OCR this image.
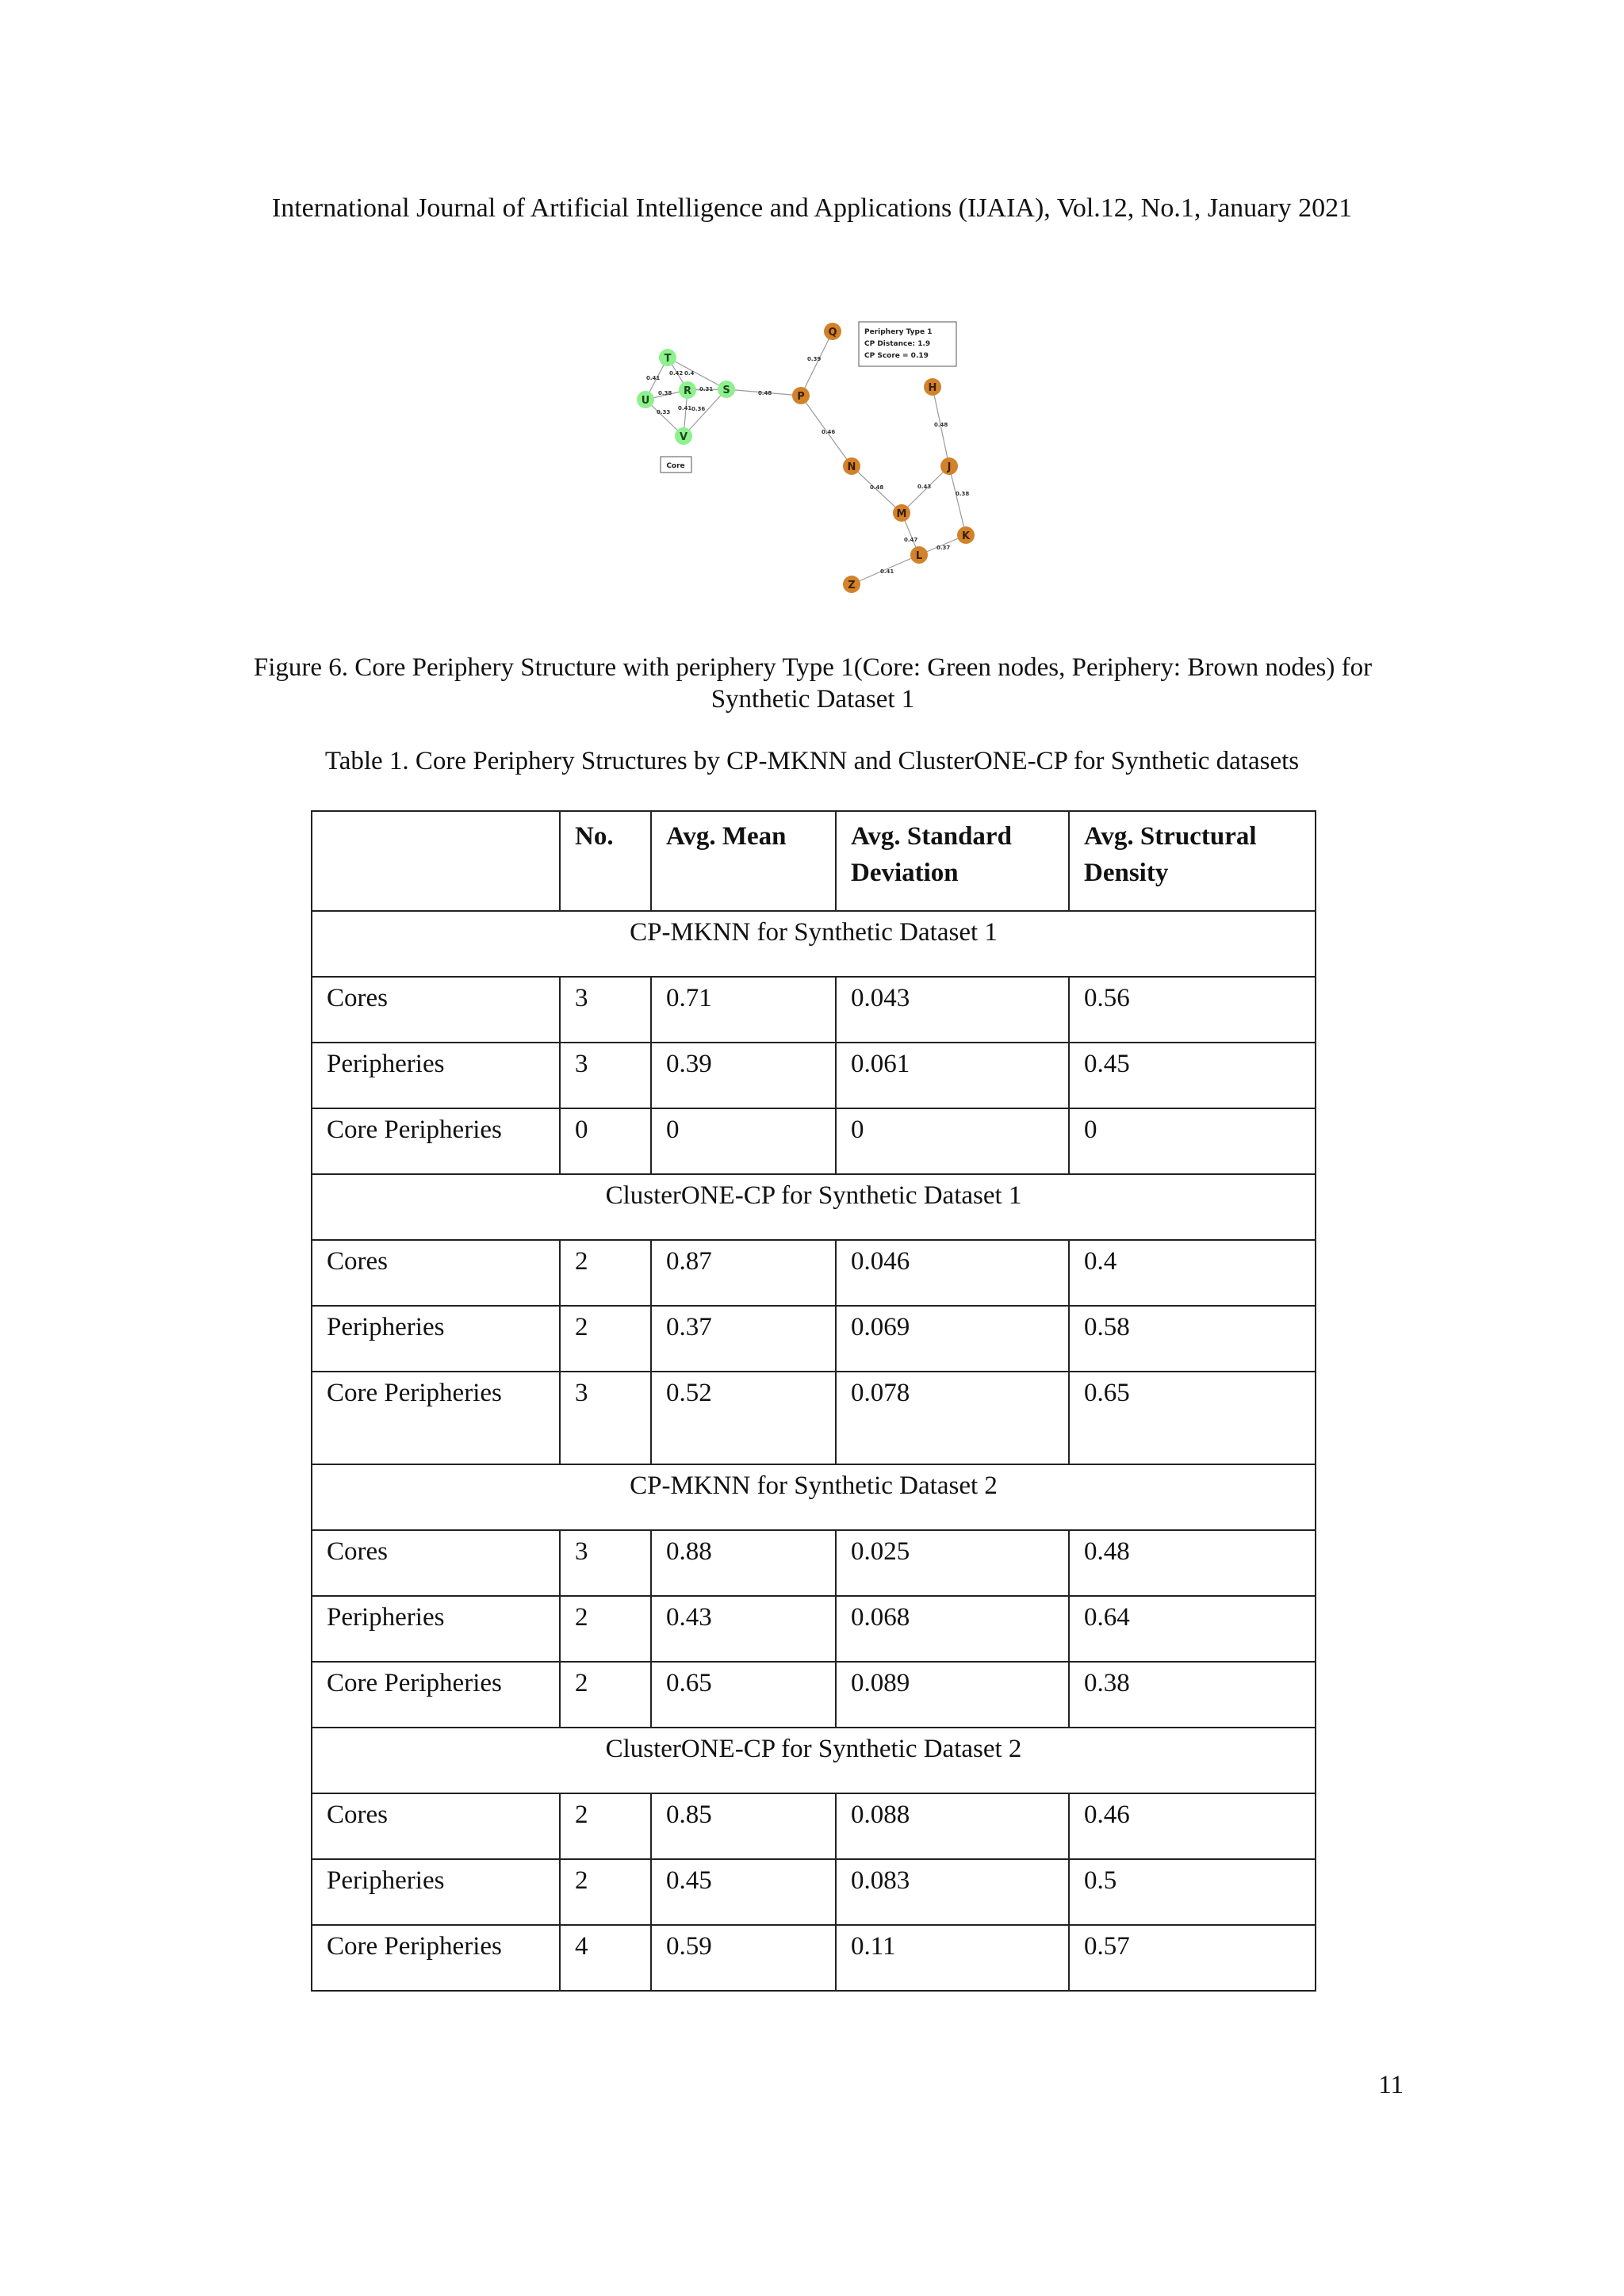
International Journal of Artificial Intelligence and Applications (IJAIA), Vol.12, No.1, January 2021
0.41
0.42 0.4
0.38
0.31
0.41 0.36
0.33
0.48
0.39
0.46
0.48
0.48
0.43
0.38
0.47
0.37
0.41
T
R	S
U
V
Q
P
H
N	J
M
K
L
Z
Periphery Type 1
CP Distance: 1.9
CP Score = 0.19
Core
Figure 6. Core Periphery Structure with periphery Type 1(Core: Green nodes, Periphery: Brown nodes) for Synthetic Dataset 1
Table 1. Core Periphery Structures by CP-MKNN and ClusterONE-CP for Synthetic datasets
	No.	Avg. Mean	Avg. Standard Deviation	Avg. Structural Density
CP-MKNN for Synthetic Dataset 1				
Cores	3	0.71	0.043	0.56
Peripheries	3	0.39	0.061	0.45
Core Peripheries	0	0	0	0
ClusterONE-CP for Synthetic Dataset 1				
Cores	2	0.87	0.046	0.4
Peripheries	2	0.37	0.069	0.58
Core Peripheries	3	0.52	0.078	0.65
CP-MKNN for Synthetic Dataset 2				
Cores	3	0.88	0.025	0.48
Peripheries	2	0.43	0.068	0.64
Core Peripheries	2	0.65	0.089	0.38
ClusterONE-CP for Synthetic Dataset 2				
Cores	2	0.85	0.088	0.46
Peripheries	2	0.45	0.083	0.5
Core Peripheries	4	0.59	0.11	0.57
11
